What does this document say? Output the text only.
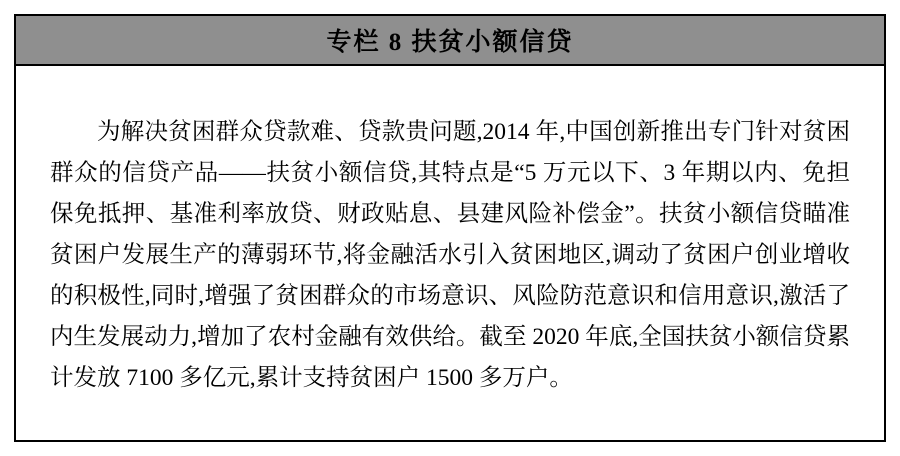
专栏 8 扶贫小额信贷

为解决贫困群众贷款难、贷款贵问题,2014 年,中国创新推出专门针对贫困群众的信贷产品——扶贫小额信贷,其特点是“5 万元以下、3 年期以内、免担保免抵押、基准利率放贷、财政贴息、县建风险补偿金”。扶贫小额信贷瞄准贫困户发展生产的薄弱环节,将金融活水引入贫困地区,调动了贫困户创业增收的积极性,同时,增强了贫困群众的市场意识、风险防范意识和信用意识,激活了内生发展动力,增加了农村金融有效供给。截至 2020 年底,全国扶贫小额信贷累计发放 7100 多亿元,累计支持贫困户 1500 多万户。
